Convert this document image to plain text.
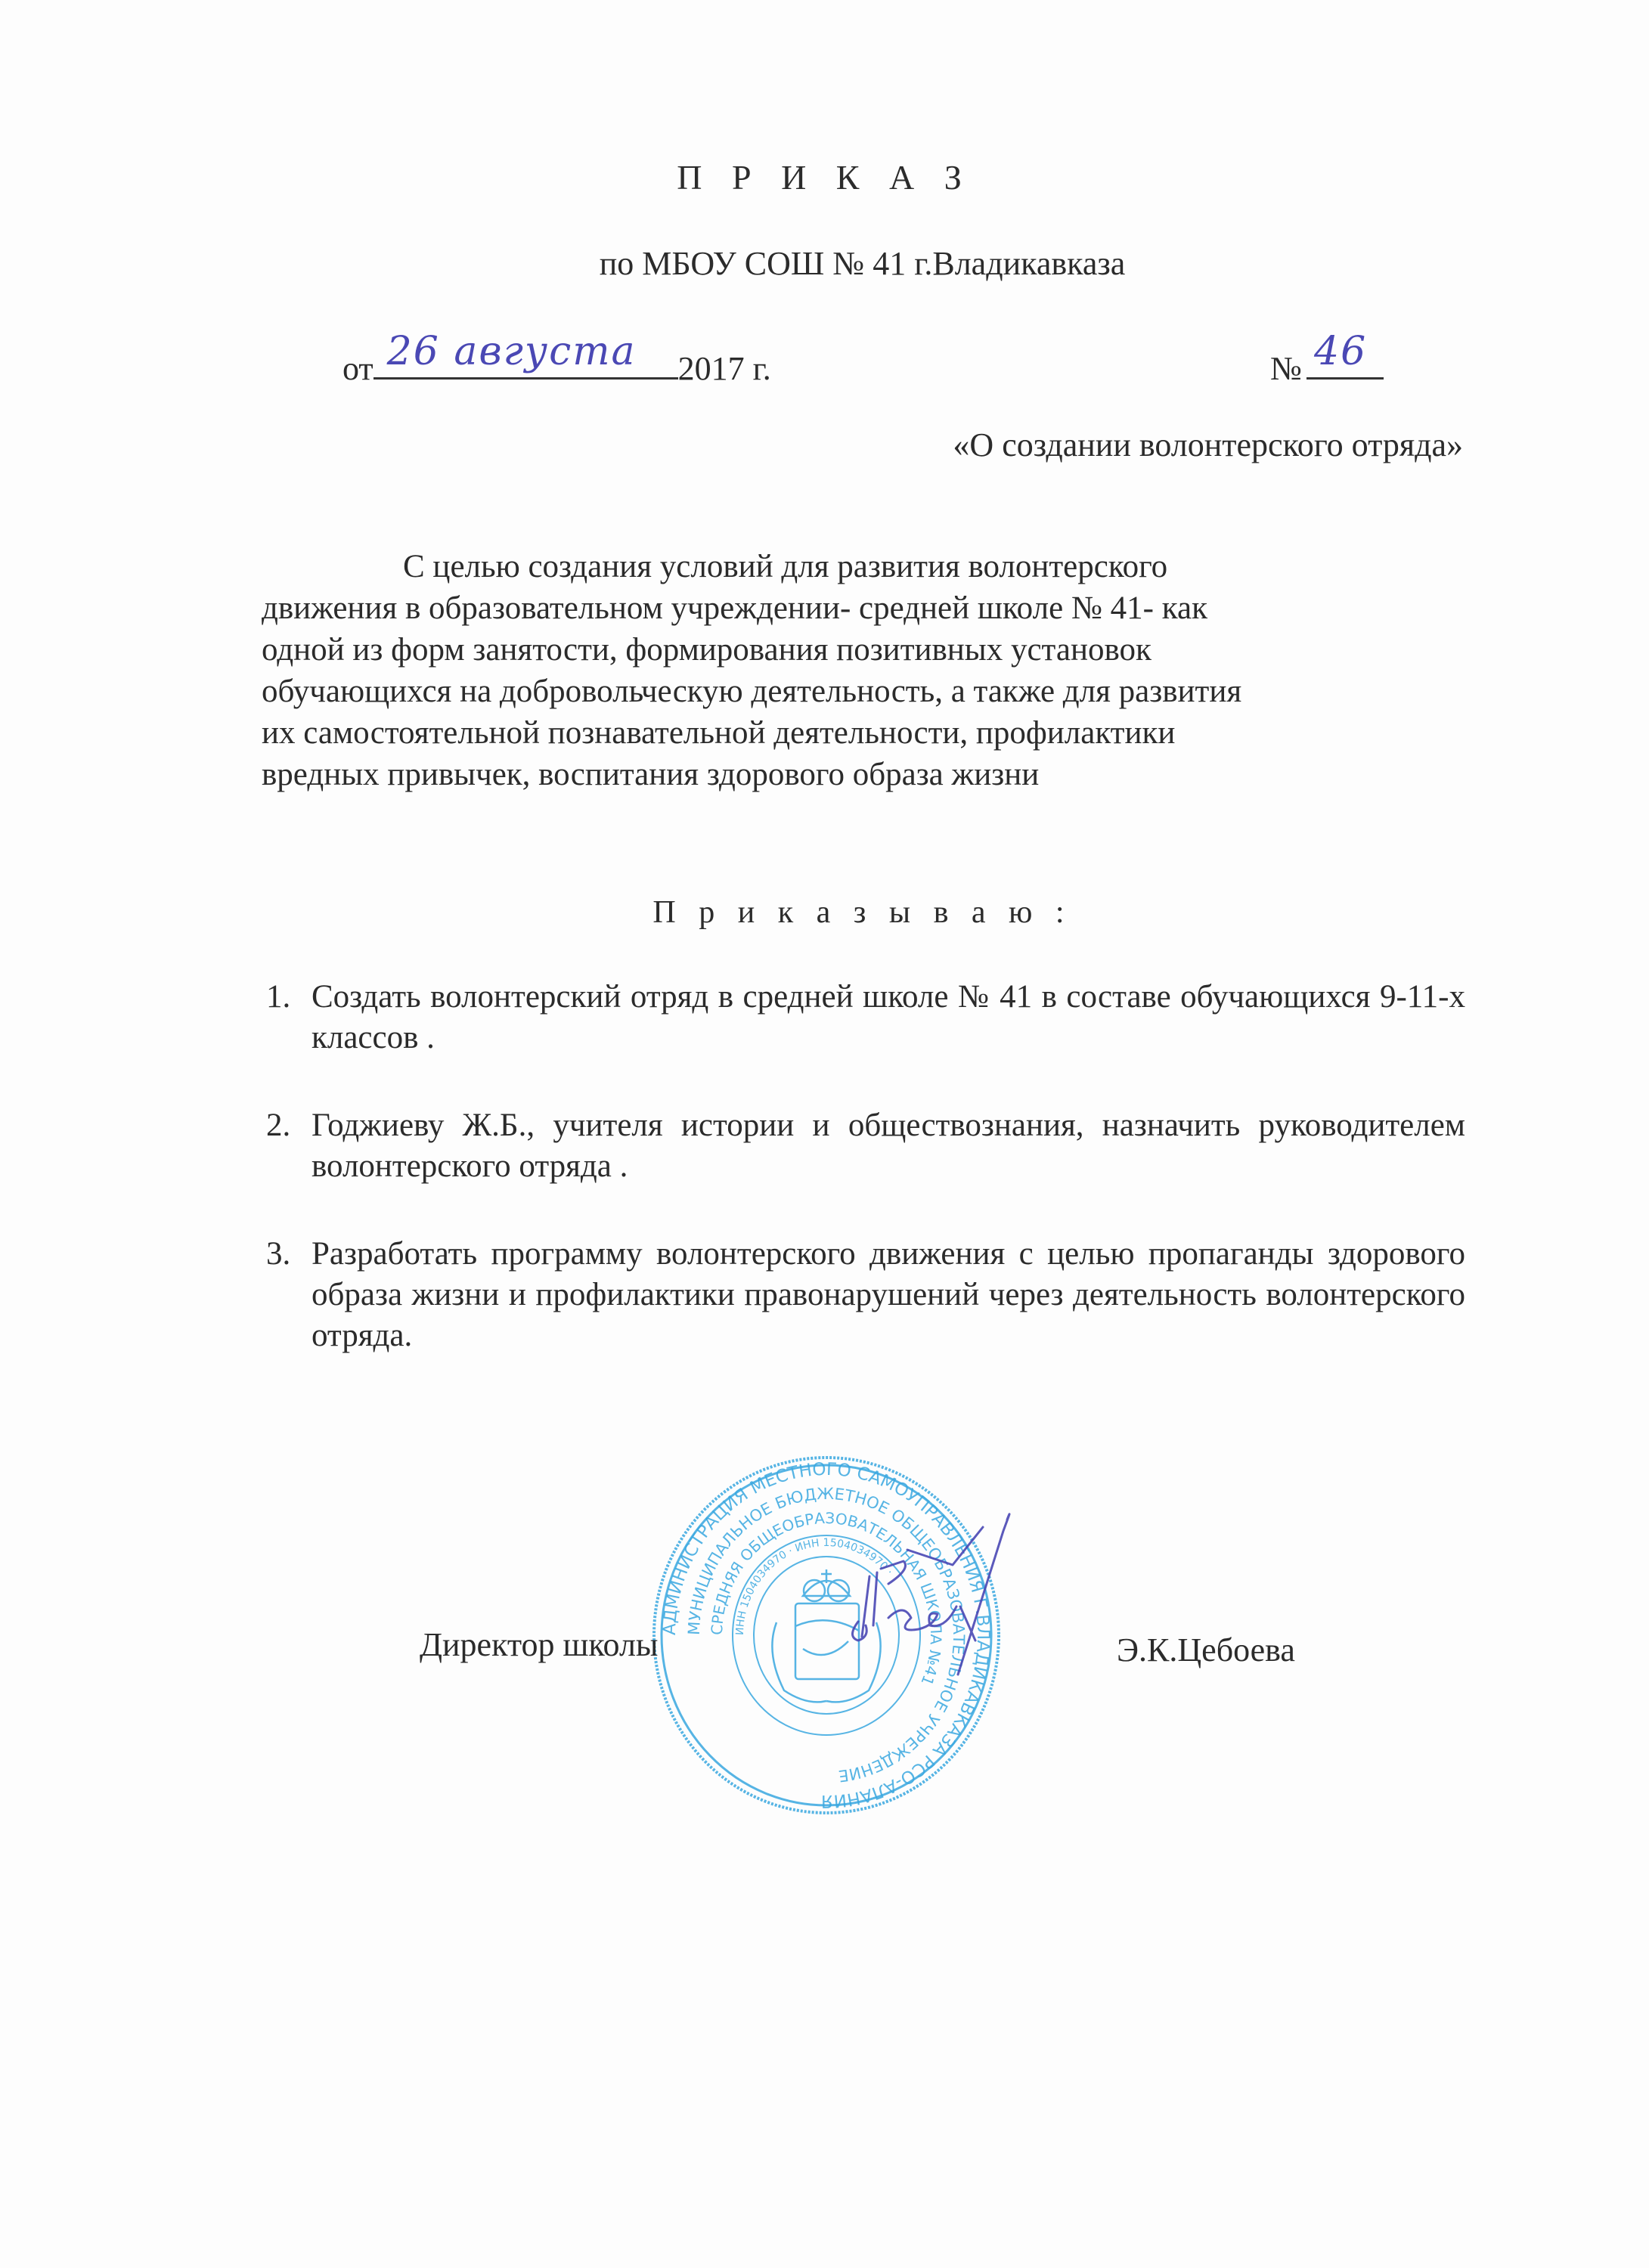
П Р И К А З
по МБОУ СОШ № 41 г.Владикавказа
от 26 августа 2017 г.	№ 46
«О создании волонтерского отряда»
С целью создания условий для развития волонтерского
движения в образовательном учреждении- средней школе № 41- как
одной из форм занятости, формирования позитивных установок
обучающихся на добровольческую деятельность, а также для развития
их самостоятельной познавательной деятельности, профилактики
вредных привычек, воспитания здорового образа жизни
П р и к а з ы в а ю :
1. Создать волонтерский отряд в средней школе № 41 в составе обучающихся 9-11-х классов .
2. Годжиеву Ж.Б., учителя истории и обществознания, назначить руководителем волонтерского отряда .
3. Разработать программу волонтерского движения с целью пропаганды здорового образа жизни и профилактики правонарушений через деятельность волонтерского отряда.
АДМИНИСТРАЦИЯ МЕСТНОГО САМОУПРАВЛЕНИЯ Г.ВЛАДИКАВКАЗА РСО-АЛАНИЯ
МУНИЦИПАЛЬНОЕ БЮДЖЕТНОЕ ОБЩЕОБРАЗОВАТЕЛЬНОЕ УЧРЕЖДЕНИЕ
СРЕДНЯЯ ОБЩЕОБРАЗОВАТЕЛЬНАЯ ШКОЛА №41
ИНН 1504034970 · ИНН 1504034970 ·
Директор школы	Э.К.Цебоева
